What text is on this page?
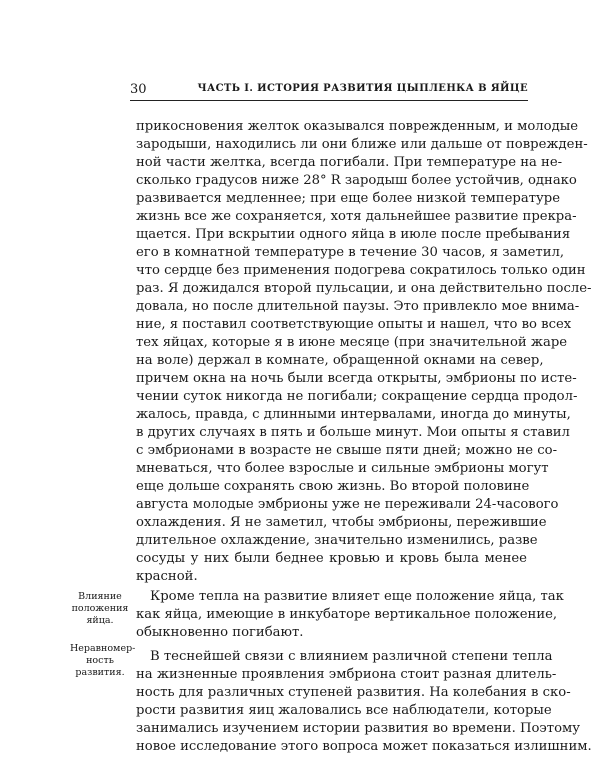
30	ЧАСТЬ I. ИСТОРИЯ РАЗВИТИЯ ЦЫПЛЕНКА В ЯЙЦЕ
прикосновения желток оказывался поврежденным, и молодые
зародыши, находились ли они ближе или дальше от поврежден-
ной части желтка, всегда погибали. При температуре на не-
сколько градусов ниже 28° R зародыш более устойчив, однако
развивается медленнее; при еще более низкой температуре
жизнь все же сохраняется, хотя дальнейшее развитие прекра-
щается. При вскрытии одного яйца в июле после пребывания
его в комнатной температуре в течение 30 часов, я заметил,
что сердце без применения подогрева сократилось только один
раз. Я дожидался второй пульсации, и она действительно после-
довала, но после длительной паузы. Это привлекло мое внима-
ние, я поставил соответствующие опыты и нашел, что во всех
тех яйцах, которые я в июне месяце (при значительной жаре
на воле) держал в комнате, обращенной окнами на север,
причем окна на ночь были всегда открыты, эмбрионы по исте-
чении суток никогда не погибали; сокращение сердца продол-
жалось, правда, с длинными интервалами, иногда до минуты,
в других случаях в пять и больше минут. Мои опыты я ставил
с эмбрионами в возрасте не свыше пяти дней; можно не со-
мневаться, что более взрослые и сильные эмбрионы могут
еще дольше сохранять свою жизнь. Во второй половине
августа молодые эмбрионы уже не переживали 24-часового
охлаждения. Я не заметил, чтобы эмбрионы, пережившие
длительное охлаждение, значительно изменились, разве
сосуды у них были беднее кровью и кровь была менее
красной.
Кроме тепла на развитие влияет еще положение яйца, так
как яйца, имеющие в инкубаторе вертикальное положение,
обыкновенно погибают.
В теснейшей связи с влиянием различной степени тепла
на жизненные проявления эмбриона стоит разная длитель-
ность для различных ступеней развития. На колебания в ско-
рости развития яиц жаловались все наблюдатели, которые
занимались изучением истории развития во времени. Поэтому
новое исследование этого вопроса может показаться излишним.
Влияние
положения
яйца.
Неравномер-
ность
развития.
